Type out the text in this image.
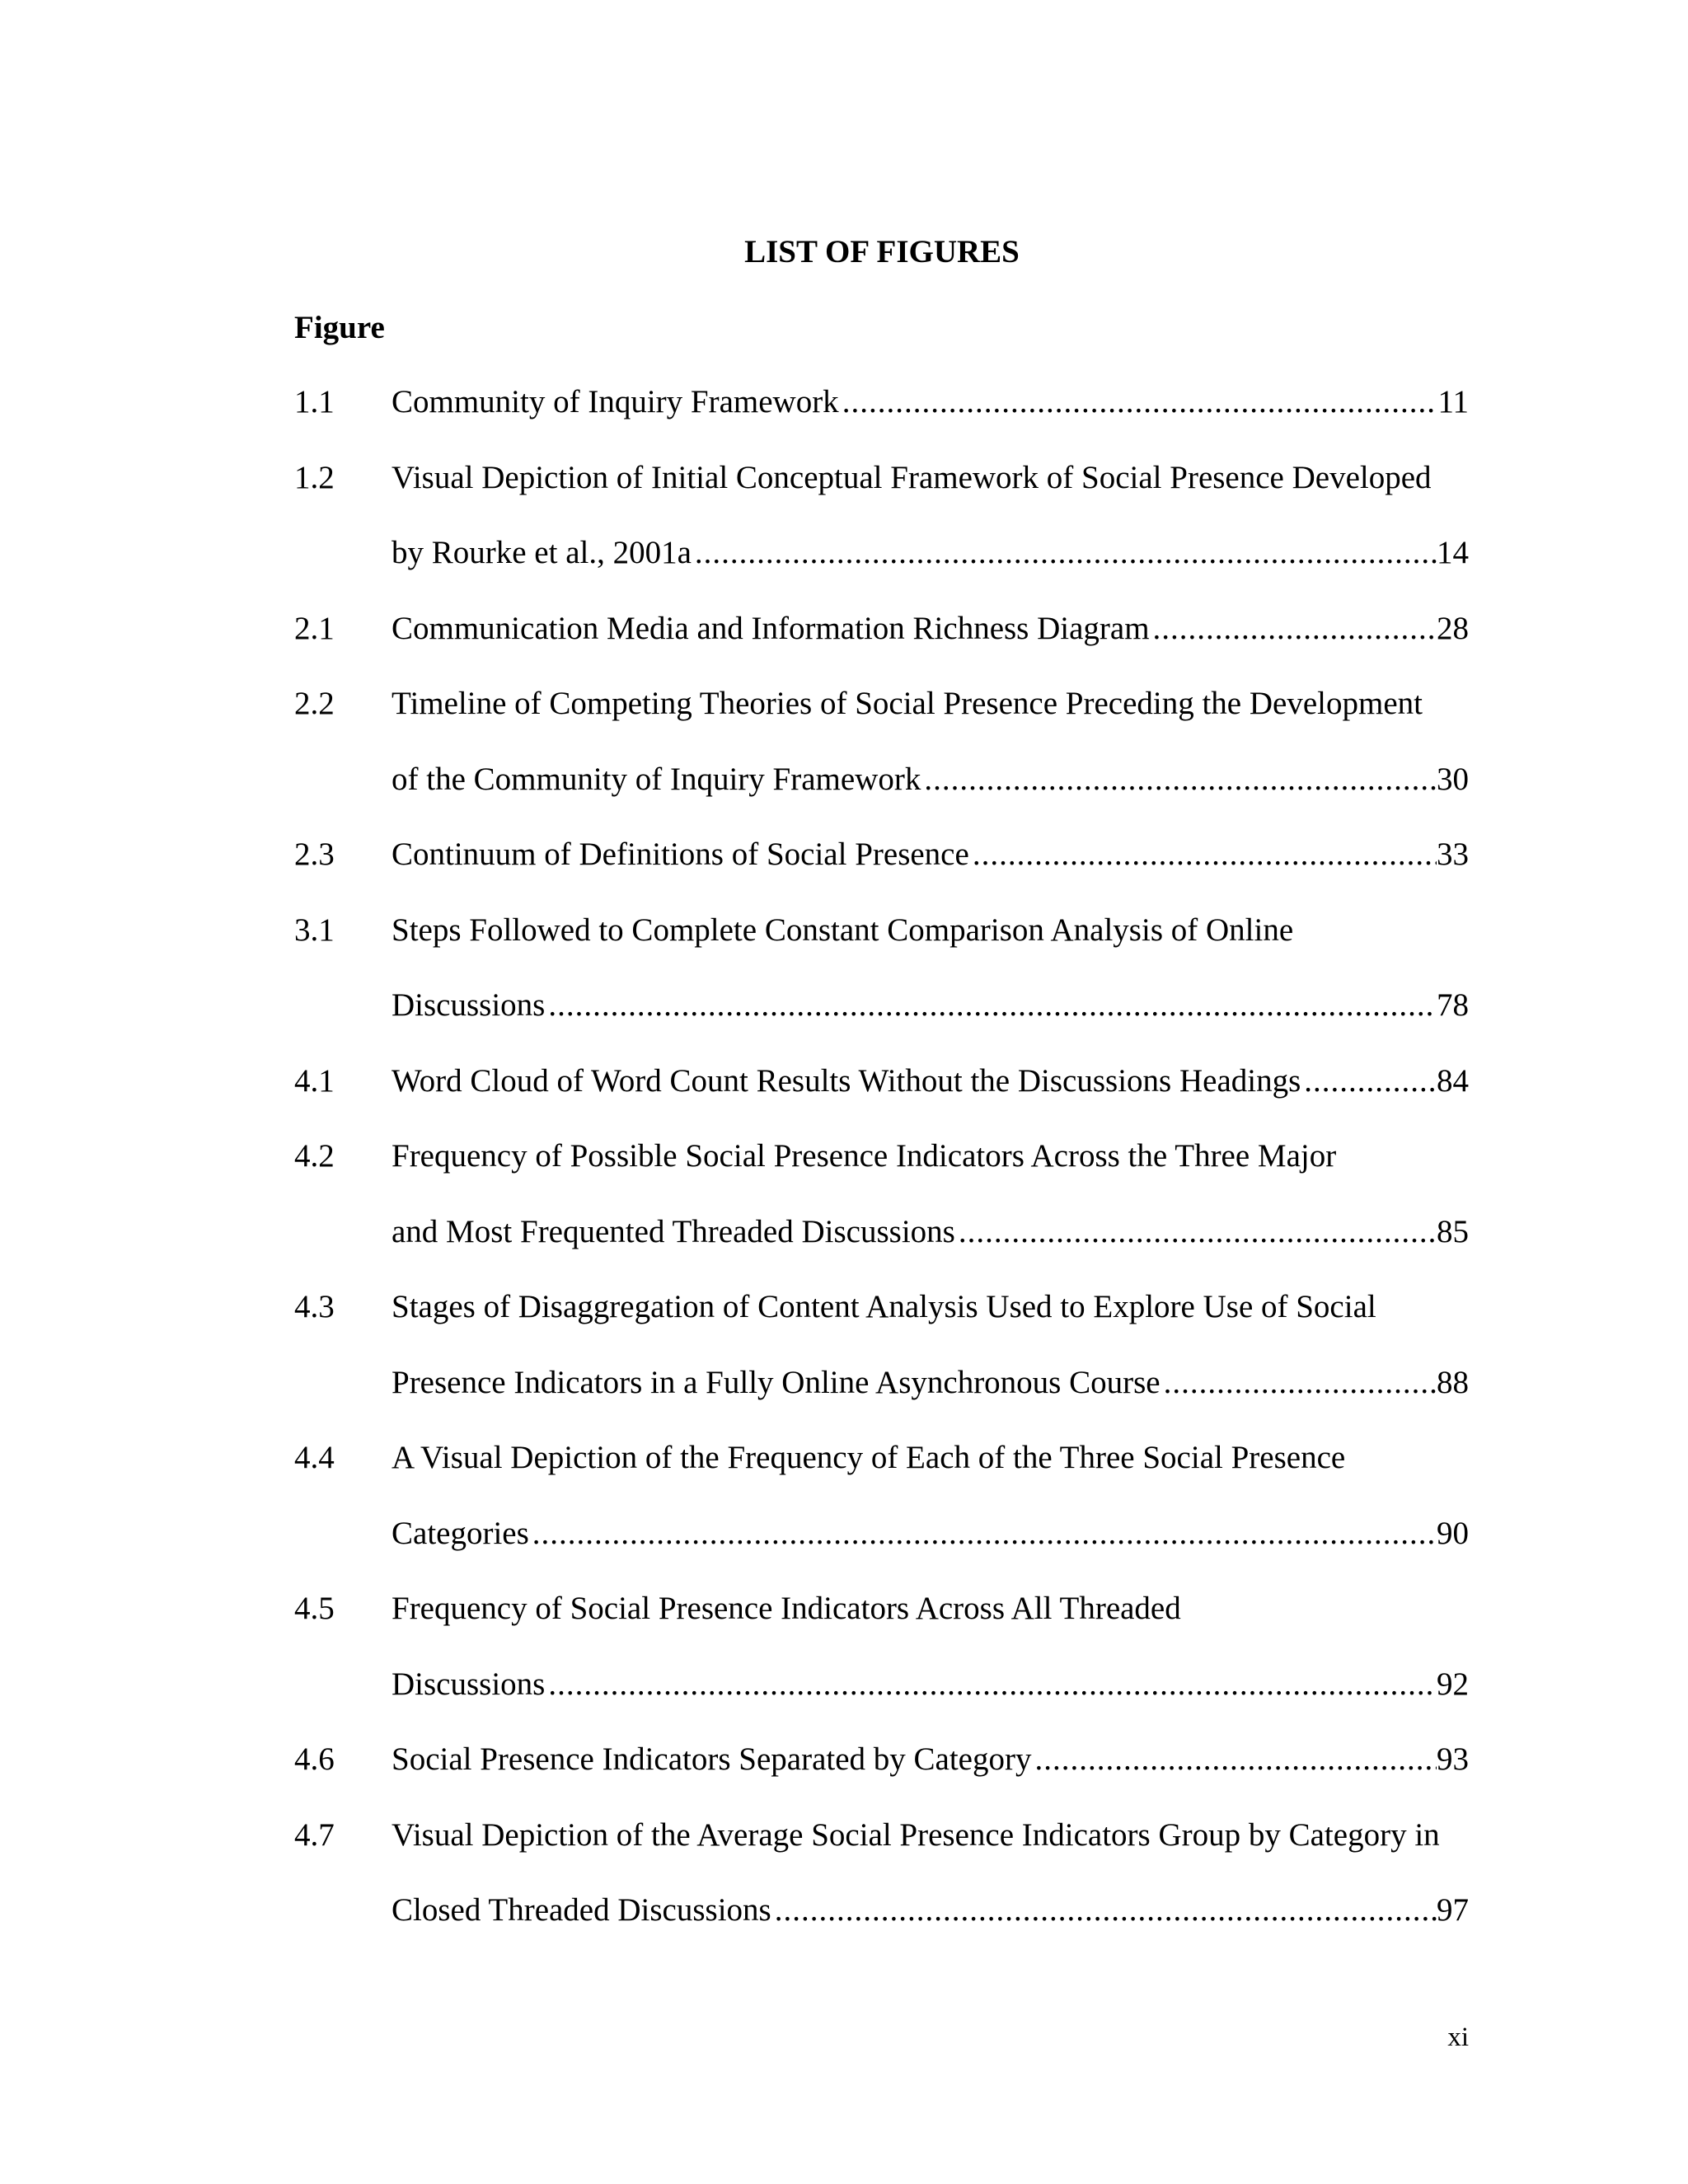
LIST OF FIGURES
Figure
1.1 Community of Inquiry Framework .....	11
1.2 Visual Depiction of Initial Conceptual Framework of Social Presence Developed
by Rourke et al., 2001a .....	14
2.1 Communication Media and Information Richness Diagram .....	28
2.2 Timeline of Competing Theories of Social Presence Preceding the Development
of the Community of Inquiry Framework .....	30
2.3 Continuum of Definitions of Social Presence .....	33
3.1 Steps Followed to Complete Constant Comparison Analysis of Online
Discussions .....	78
4.1 Word Cloud of Word Count Results Without the Discussions Headings .....	84
4.2 Frequency of Possible Social Presence Indicators Across the Three Major
and Most Frequented Threaded Discussions .....	85
4.3 Stages of Disaggregation of Content Analysis Used to Explore Use of Social
Presence Indicators in a Fully Online Asynchronous Course .....	88
4.4 A Visual Depiction of the Frequency of Each of the Three Social Presence
Categories .....	90
4.5 Frequency of Social Presence Indicators Across All Threaded
Discussions .....	92
4.6 Social Presence Indicators Separated by Category .....	93
4.7 Visual Depiction of the Average Social Presence Indicators Group by Category in
Closed Threaded Discussions .....	97
xi
